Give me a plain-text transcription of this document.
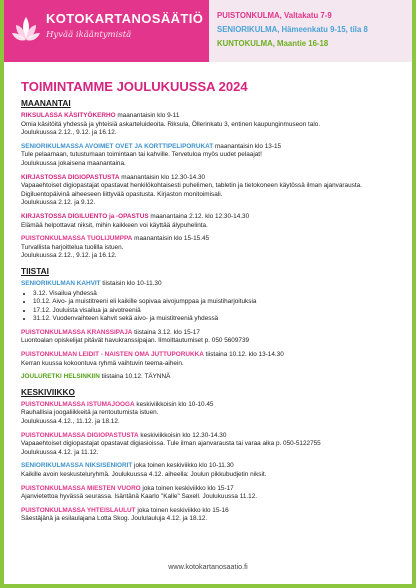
KOTOKARTANOSÄÄTIÖ
Hyvää ikääntymistä
PUISTONKULMA, Valtakatu 7-9
SENIORIKULMA, Hämeenkatu 9-15, tila 8
KUNTOKULMA, Maantie 16-18
TOIMINTAMME JOULUKUUSSA 2024
MAANANTAI
RIKSULASSA KÄSITYÖKERHO maanantaisin klo 9-11
Omia käsitöitä yhdessä ja yhteisiä askarteluideoita. Riksula, Öllerinkatu 3, entinen kaupunginmuseon talo.
Joulukuussa 2.12., 9.12. ja 16.12.
SENIORIKULMASSA AVOIMET OVET JA KORTTIPELIPORUKAT maanantaisin klo 13-15
Tule pelaamaan, tutustumaan toimintaan tai kahville. Tervetuloa myös uudet pelaajat!
Joulukuussa jokaisena maanantaina.
KIRJASTOSSA DIGIOPASTUSTA maanantaisin klo 12.30-14.30
Vapaaehtoiset digiopastajat opastavat henkilökohtaisesti puhelimen, tabletin ja tietokoneen käytössä ilman ajanvarausta. Digiluentopäivinä aiheeseen liittyvää opastusta. Kirjaston monitoimisali.
Joulukuussa 2.12. ja 9.12.
KIRJASTOSSA DIGILUENTO ja -OPASTUS maanantaina 2.12. klo 12.30-14.30
Elämää helpottavat niksit, mihin kaikkeen voi käyttää älypuhelinta.
PUISTONKULMASSA TUOLIJUMPPA maanantaisin klo 15-15.45
Turvallista harjoittelua tuolilla istuen.
Joulukuussa 2.12., 9.12. ja 16.12.
TIISTAI
SENIORIKULMAN KAHVIT tiistaisin klo 10-11.30
• 3.12. Visailua yhdessä
• 10.12. Aivo- ja muistitreeni eli kaikille sopivaa aivojumppaa ja muistiharjoituksia
• 17.12. Jouluista visailua ja aivotreeniä
• 31.12. Vuodenvaihteen kahvit sekä aivo- ja muistitreeniä yhdessä
PUISTONKULMASSA KRANSSIPAJA tiistaina 3.12. klo 15-17
Luontoalan opiskelijat pitävät havukranssipajan. Ilmoittautumiset p. 050 5609739
PUISTONKULMAN LEIDIT - NAISTEN OMA JUTTUPORUKKA tiistaina 10.12. klo 13-14.30
Kerran kuussa kokoontuva ryhmä vaihtuvin teema-aihein.
JOULURETKI HELSINKIIN tiistaina 10.12. TÄYNNÄ
KESKIVIIKKO
PUISTONKULMASSA ISTUMAJOOGA keskiviikkoisin klo 10-10.45
Rauhallisia joogaliikkeitä ja rentoutumista istuen.
Joulukuussa 4.12., 11.12. ja 18.12.
PUISTONKULMASSA DIGIOPASTUSTA keskiviikkoisin klo 12.30-14.30
Vapaaehtoiset digiopastajat opastavat digiasioissa. Tule ilman ajanvarausta tai varaa aika p. 050-5122755
Joulukuussa 4.12. ja 11.12.
SENIORIKULMASSA NIKSISENIORIT joka toinen keskiviikko klo 10-11.30
Kaikille avoin keskusteluryhmä. Joulukuussa 4.12. aiheella: Joulun pikkubudjetin niksit.
PUISTONKULMASSA MIESTEN VUORO joka toinen keskiviikko klo 15-17
Ajanvietettoa hyvässä seurassa. Isäntänä Kaarlo "Kalle" Saxell. Joulukuussa 11.12.
PUISTONKULMASSA YHTEISLAULUT joka toinen keskiviikko klo 15-16
Säestäjänä ja esilaulajana Lotta Skog. Joululauluja 4.12. ja 18.12.
www.kotokartanosaatio.fi
